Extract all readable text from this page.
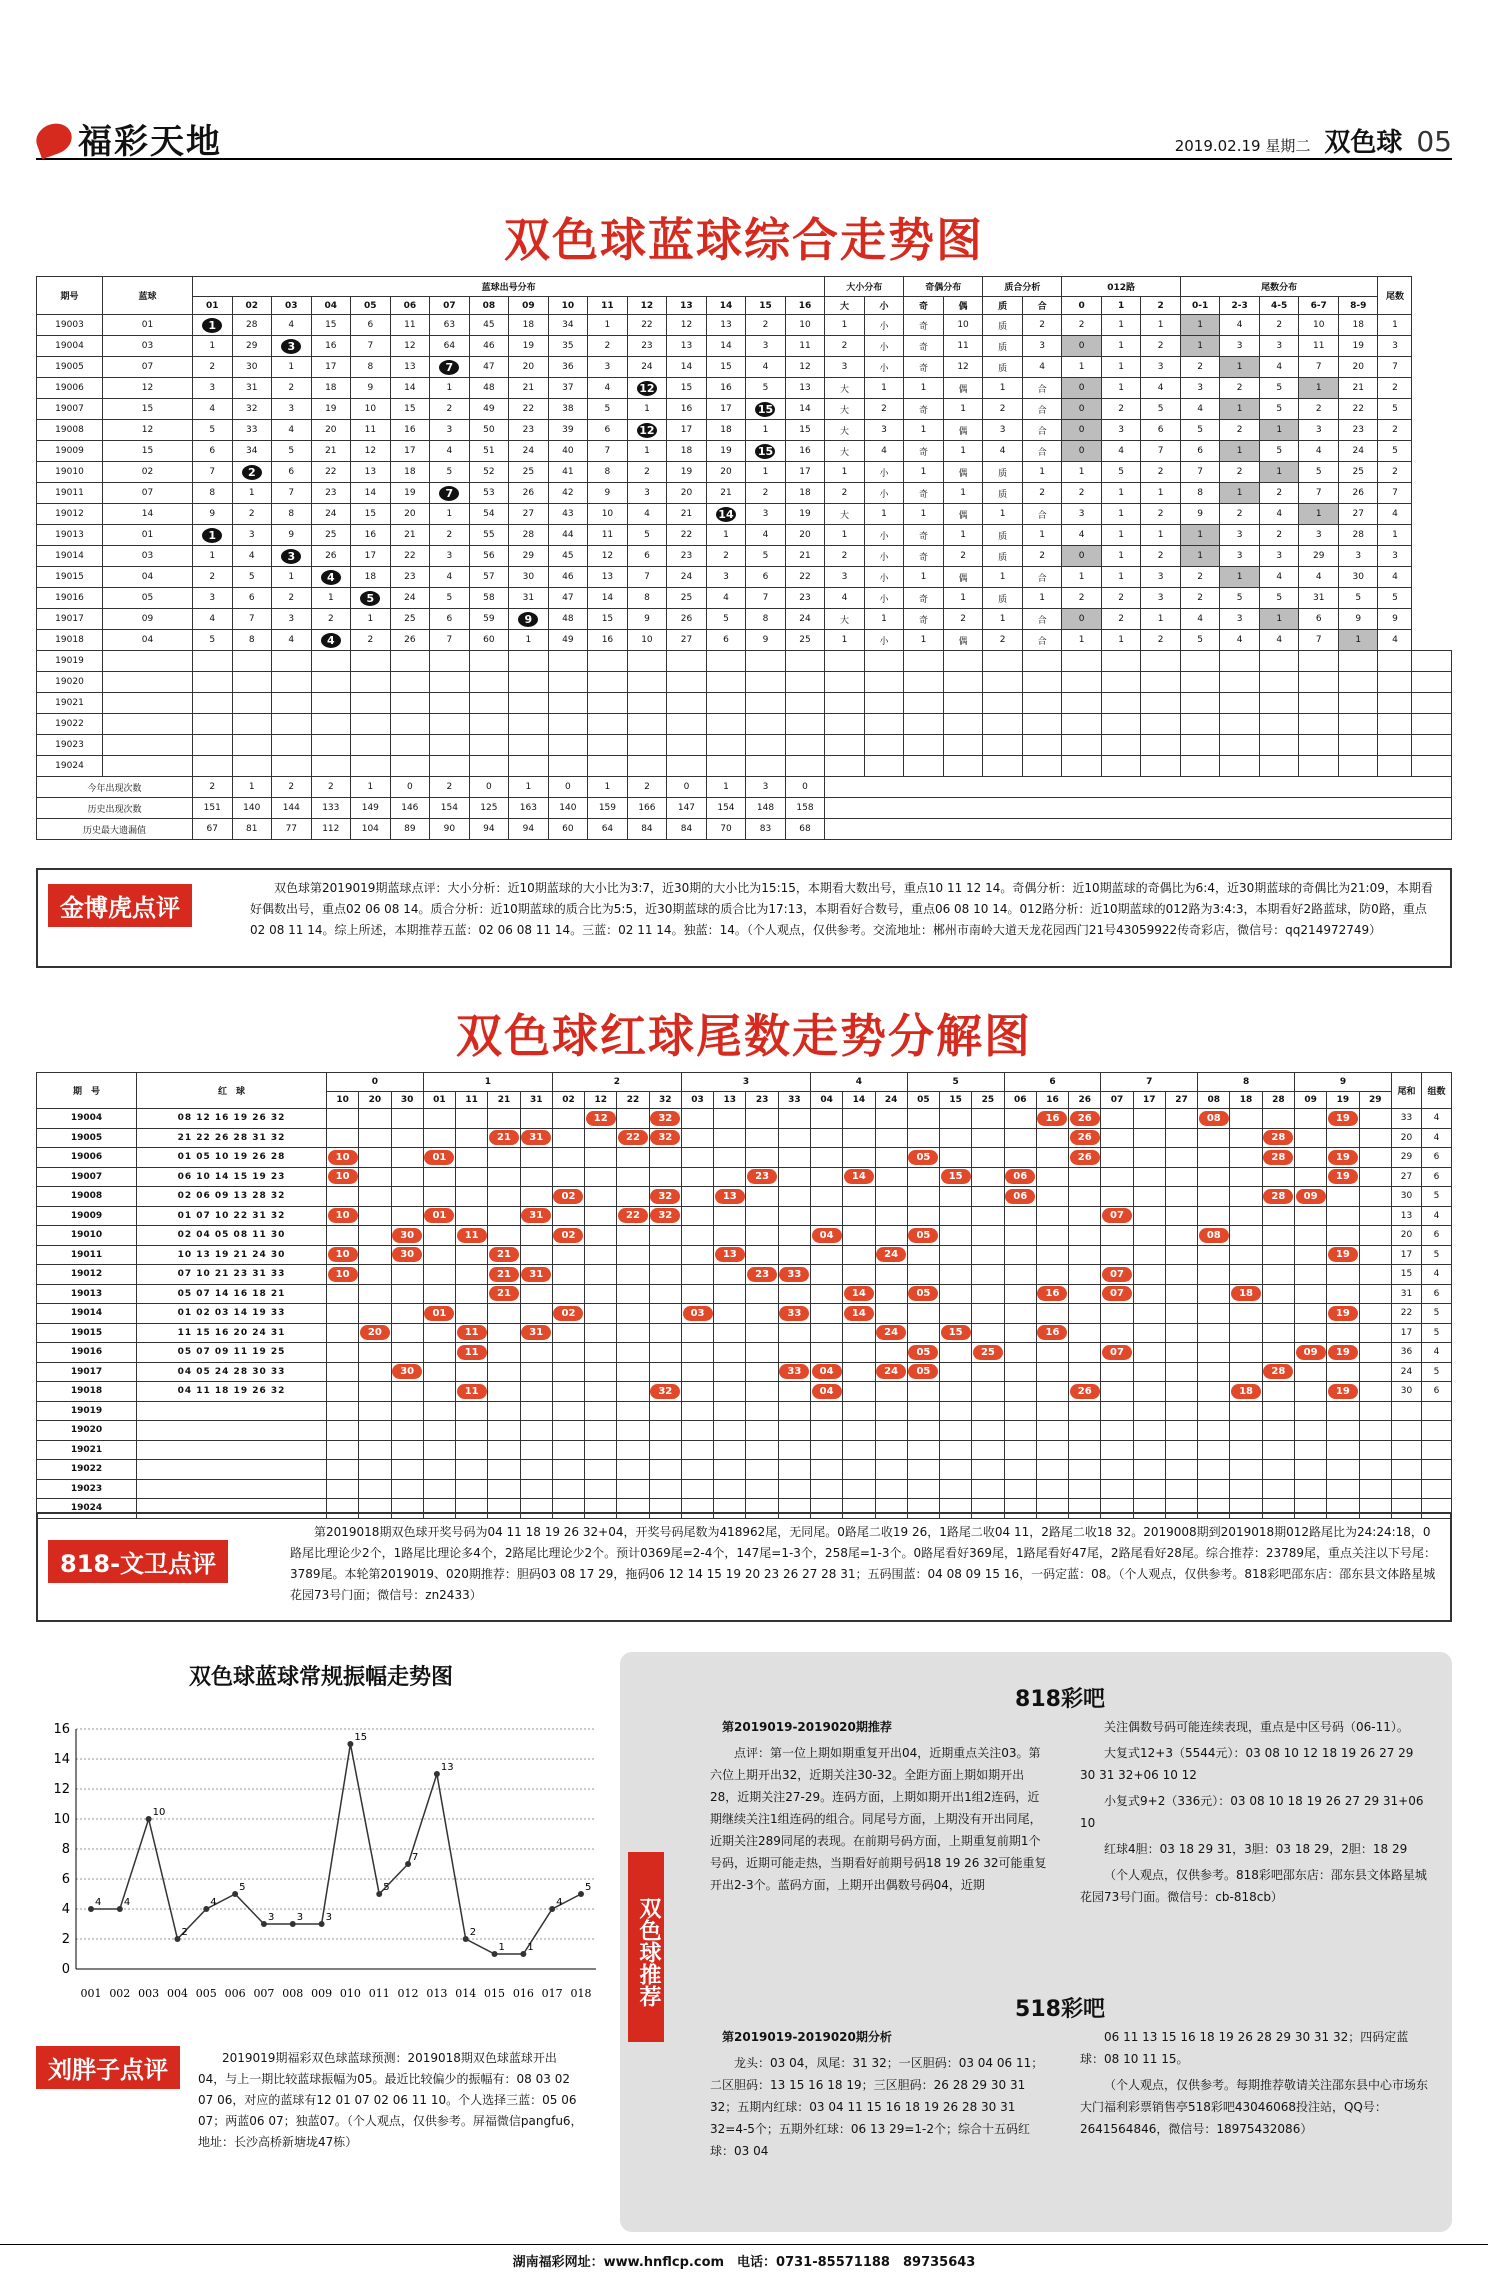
福彩天地	2019.02.19 星期二 双色球 05
双色球蓝球综合走势图
期号	蓝球	蓝球出号分布																大小分布		奇偶分布		质合分析		012路			尾数分布					尾数	
		01	02	03	04	05	06	07	08	09	10	11	12	13	14	15	16	大	小	奇	偶	质	合	0	1	2	0-1	2-3	4-5	6-7	8-9		
19003	01	1	28	4	15	6	11	63	45	18	34	1	22	12	13	2	10	1	小	奇	10	质	2	2	1	1	1	4	2	10	18	1	
19004	03	1	29	3	16	7	12	64	46	19	35	2	23	13	14	3	11	2	小	奇	11	质	3	0	1	2	1	3	3	11	19	3	
19005	07	2	30	1	17	8	13	7	47	20	36	3	24	14	15	4	12	3	小	奇	12	质	4	1	1	3	2	1	4	7	20	7	
19006	12	3	31	2	18	9	14	1	48	21	37	4	12	15	16	5	13	大	1	1	偶	1	合	0	1	4	3	2	5	1	21	2	
19007	15	4	32	3	19	10	15	2	49	22	38	5	1	16	17	15	14	大	2	奇	1	2	合	0	2	5	4	1	5	2	22	5	
19008	12	5	33	4	20	11	16	3	50	23	39	6	12	17	18	1	15	大	3	1	偶	3	合	0	3	6	5	2	1	3	23	2	
19009	15	6	34	5	21	12	17	4	51	24	40	7	1	18	19	15	16	大	4	奇	1	4	合	0	4	7	6	1	5	4	24	5	
19010	02	7	2	6	22	13	18	5	52	25	41	8	2	19	20	1	17	1	小	1	偶	质	1	1	5	2	7	2	1	5	25	2	
19011	07	8	1	7	23	14	19	7	53	26	42	9	3	20	21	2	18	2	小	奇	1	质	2	2	1	1	8	1	2	7	26	7	
19012	14	9	2	8	24	15	20	1	54	27	43	10	4	21	14	3	19	大	1	1	偶	1	合	3	1	2	9	2	4	1	27	4	
19013	01	1	3	9	25	16	21	2	55	28	44	11	5	22	1	4	20	1	小	奇	1	质	1	4	1	1	1	3	2	3	28	1	
19014	03	1	4	3	26	17	22	3	56	29	45	12	6	23	2	5	21	2	小	奇	2	质	2	0	1	2	1	3	3	29	3	3	
19015	04	2	5	1	4	18	23	4	57	30	46	13	7	24	3	6	22	3	小	1	偶	1	合	1	1	3	2	1	4	4	30	4	
19016	05	3	6	2	1	5	24	5	58	31	47	14	8	25	4	7	23	4	小	奇	1	质	1	2	2	3	2	5	5	31	5	5	
19017	09	4	7	3	2	1	25	6	59	9	48	15	9	26	5	8	24	大	1	奇	2	1	合	0	2	1	4	3	1	6	9	9	
19018	04	5	8	4	4	2	26	7	60	1	49	16	10	27	6	9	25	1	小	1	偶	2	合	1	1	2	5	4	4	7	1	4	
19019																																	
19020																																	
19021																																	
19022																																	
19023																																	
19024																																	
今年出现次数		2	1	2	2	1	0	2	0	1	0	1	2	0	1	3	0																
历史出现次数		151	140	144	133	149	146	154	125	163	140	159	166	147	154	148	158																
历史最大遗漏值		67	81	77	112	104	89	90	94	94	60	64	84	84	70	83	68																

双色球第2019019期蓝球点评：大小分析：近10期蓝球的大小比为3:7，近30期的大小比为15:15，本期看大数出号，重点10 11 12 14。奇偶分析：近10期蓝球的奇偶比为6:4，近30期蓝球的奇偶比为21:09，本期看好偶数出号，重点02 06 08 14。质合分析：近10期蓝球的质合比为5:5，近30期蓝球的质合比为17:13，本期看好合数号，重点06 08 10 14。012路分析：近10期蓝球的012路为3:4:3，本期看好2路蓝球，防0路，重点02 08 11 14。综上所述，本期推荐五蓝：02 06 08 11 14。三蓝：02 11 14。独蓝：14。（个人观点，仅供参考。交流地址：郴州市南岭大道天龙花园西门21号43059922传奇彩店，微信号：qq214972749）

金博虎点评
双色球红球尾数走势分解图
期　号	红　球	0			1				2				3				4			5			6			7			8			9			尾和	组数
		10	20	30	01	11	21	31	02	12	22	32	03	13	23	33	04	14	24	05	15	25	06	16	26	07	17	27	08	18	28	09	19	29		
19004	08 12 16 19 26 32									12		32												16	26				08				19		33	4
19005	21 22 26 28 31 32						21	31			22	32													26						28				20	4
19006	01 05 10 19 26 28	10			01															05					26						28		19		29	6
19007	06 10 14 15 19 23	10													23			14			15		06										19		27	6
19008	02 06 09 13 28 32								02			32		13									06								28	09			30	5
19009	01 07 10 22 31 32	10			01			31			22	32														07									13	4
19010	02 04 05 08 11 30			30		11			02								04			05									08						20	6
19011	10 13 19 21 24 30	10		30			21							13					24														19		17	5
19012	07 10 21 23 31 33	10					21	31							23	33										07									15	4
19013	05 07 14 16 18 21						21											14		05				16		07				18					31	6
19014	01 02 03 14 19 33				01				02				03			33		14															19		22	5
19015	11 15 16 20 24 31		20			11		31											24		15			16											17	5
19016	05 07 09 11 19 25					11														05		25				07						09	19		36	4
19017	04 05 24 28 30 33			30												33	04		24	05											28				24	5
19018	04 11 18 19 26 32					11						32					04								26					18			19		30	6
19019																																				
19020																																				
19021																																				
19022																																				
19023																																				
19024																																				

第2019018期双色球开奖号码为04 11 18 19 26 32+04，开奖号码尾数为418962尾，无同尾。0路尾二收19 26，1路尾二收04 11，2路尾二收18 32。2019008期到2019018期012路尾比为24:24:18，0路尾比理论少2个，1路尾比理论多4个，2路尾比理论少2个。预计0369尾=2-4个，147尾=1-3个，258尾=1-3个。0路尾看好369尾，1路尾看好47尾，2路尾看好28尾。综合推荐：23789尾，重点关注以下号尾：3789尾。本轮第2019019、020期推荐：胆码03 08 17 29，拖码06 12 14 15 19 20 23 26 27 28 31；五码围蓝：04 08 09 15 16，一码定蓝：08。（个人观点，仅供参考。818彩吧邵东店：邵东县文体路星城花园73号门面；微信号：zn2433）

818-文卫点评
双色球蓝球常规振幅走势图
0
2
4
6
8
10
12
14
16
4 4
10
2
4
5
3 3 3
15
5
7
13
2
1 1
4
5
001 002 003 004 005 006 007 008 009 010 011 012 013 014 015 016 017 018

2019019期福彩双色球蓝球预测：2019018期双色球蓝球开出04，与上一期比较蓝球振幅为05。最近比较偏少的振幅有：08 03 02 07 06，对应的蓝球有12 01 07 02 06 11 10。个人选择三蓝：05 06 07；两蓝06 07；独蓝07。（个人观点，仅供参考。屏福微信pangfu6，地址：长沙高桥新塘垅47栋）

刘胖子点评
双色球推荐
818彩吧

第2019019-2019020期推荐

点评：第一位上期如期重复开出04，近期重点关注03。第六位上期开出32，近期关注30-32。全距方面上期如期开出28，近期关注27-29。连码方面，上期如期开出1组2连码，近期继续关注1组连码的组合。同尾号方面，上期没有开出同尾，近期关注289同尾的表现。在前期号码方面，上期重复前期1个号码，近期可能走热，当期看好前期号码18 19 26 32可能重复开出2-3个。蓝码方面，上期开出偶数号码04，近期

关注偶数号码可能连续表现，重点是中区号码（06-11）。

大复式12+3（5544元）：03 08 10 12 18 19 26 27 29 30 31 32+06 10 12

小复式9+2（336元）：03 08 10 18 19 26 27 29 31+06 10

红球4胆：03 18 29 31，3胆：03 18 29，2胆：18 29

（个人观点，仅供参考。818彩吧邵东店：邵东县文体路星城花园73号门面。微信号：cb-818cb）

518彩吧

第2019019-2019020期分析

龙头：03 04，凤尾：31 32；一区胆码：03 04 06 11；二区胆码：13 15 16 18 19；三区胆码：26 28 29 30 31 32；五期内红球：03 04 11 15 16 18 19 26 28 30 31 32=4-5个；五期外红球：06 13 29=1-2个；综合十五码红球：03 04

06 11 13 15 16 18 19 26 28 29 30 31 32；四码定蓝球：08 10 11 15。

（个人观点，仅供参考。每期推荐敬请关注邵东县中心市场东大门福利彩票销售亭518彩吧43046068投注站，QQ号：2641564846，微信号：18975432086）

湖南福彩网址：www.hnflcp.com　电话：0731-85571188　89735643
